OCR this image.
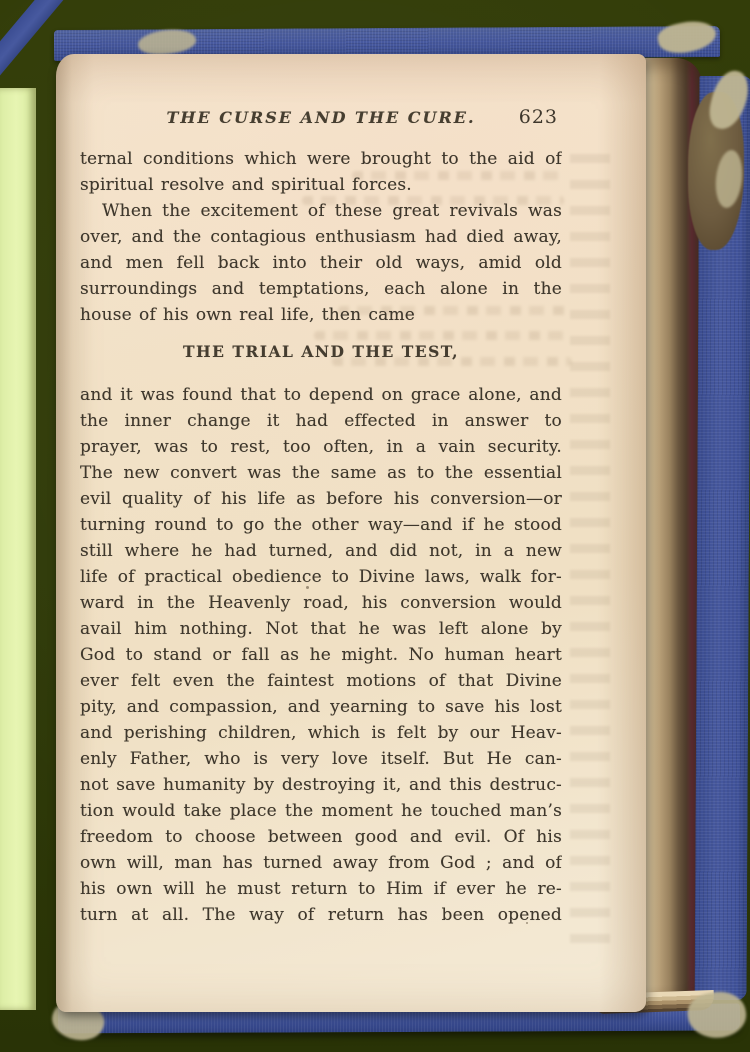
THE CURSE AND THE CURE.	623
ternal conditions which were brought to the aid of
spiritual resolve and spiritual forces.
When the excitement of these great revivals was
over, and the contagious enthusiasm had died away,
and men fell back into their old ways, amid old
surroundings and temptations, each alone in the
house of his own real life, then came
THE TRIAL AND THE TEST,
and it was found that to depend on grace alone, and
the inner change it had effected in answer to
prayer, was to rest, too often, in a vain security.
The new convert was the same as to the essential
evil quality of his life as before his conversion—or
turning round to go the other way—and if he stood
still where he had turned, and did not, in a new
life of practical obedience to Divine laws, walk for-
ward in the Heavenly road, his conversion would
avail him nothing. Not that he was left alone by
God to stand or fall as he might. No human heart
ever felt even the faintest motions of that Divine
pity, and compassion, and yearning to save his lost
and perishing children, which is felt by our Heav-
enly Father, who is very love itself. But He can-
not save humanity by destroying it, and this destruc-
tion would take place the moment he touched man’s
freedom to choose between good and evil. Of his
own will, man has turned away from God ; and of
his own will he must return to Him if ever he re-
turn at all. The way of return has been opened
